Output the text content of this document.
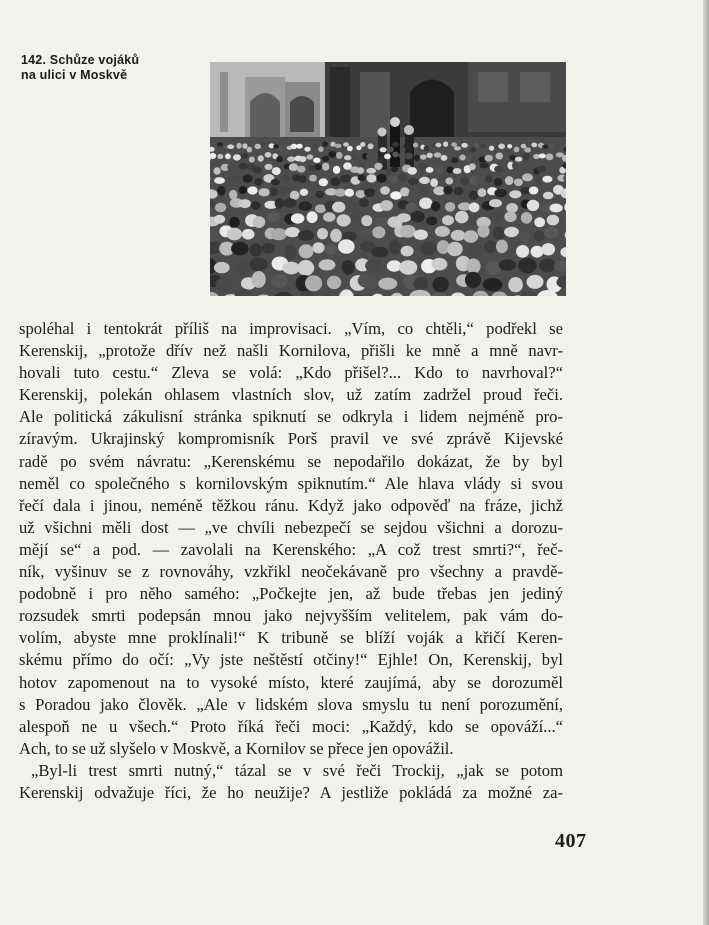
142. Schůze vojáků
na ulici v Moskvě
spoléhal i tentokrát příliš na improvisaci. „Vím, co chtěli,“ podřekl se
Kerenskij, „protože dřív než našli Kornilova, přišli ke mně a mně navr-
hovali tuto cestu.“ Zleva se volá: „Kdo přišel?... Kdo to navrhoval?“
Kerenskij, polekán ohlasem vlastních slov, už zatím zadržel proud řeči.
Ale politická zákulisní stránka spiknutí se odkryla i lidem nejméně pro-
zíravým. Ukrajinský kompromisník Porš pravil ve své zprávě Kijevské
radě po svém návratu: „Kerenskému se nepodařilo dokázat, že by byl
neměl co společného s kornilovským spiknutím.“ Ale hlava vlády si svou
řečí dala i jinou, neméně těžkou ránu. Když jako odpověď na fráze, jichž
už všichni měli dost — „ve chvíli nebezpečí se sejdou všichni a dorozu-
mějí se“ a pod. — zavolali na Kerenského: „A což trest smrti?“, řeč-
ník, vyšinuv se z rovnováhy, vzkřikl neočekávaně pro všechny a pravdě-
podobně i pro něho samého: „Počkejte jen, až bude třebas jen jediný
rozsudek smrti podepsán mnou jako nejvyšším velitelem, pak vám do-
volím, abyste mne proklínali!“ K tribuně se blíží voják a křičí Keren-
skému přímo do očí: „Vy jste neštěstí otčiny!“ Ejhle! On, Kerenskij, byl
hotov zapomenout na to vysoké místo, které zaujímá, aby se dorozuměl
s Poradou jako člověk. „Ale v lidském slova smyslu tu není porozumění,
alespoň ne u všech.“ Proto říká řeči moci: „Každý, kdo se opováží...“
Ach, to se už slyšelo v Moskvě, a Kornilov se přece jen opovážil.
„Byl-li trest smrti nutný,“ tázal se v své řeči Trockij, „jak se potom
Kerenskij odvažuje říci, že ho neužije? A jestliže pokládá za možné za-
407
